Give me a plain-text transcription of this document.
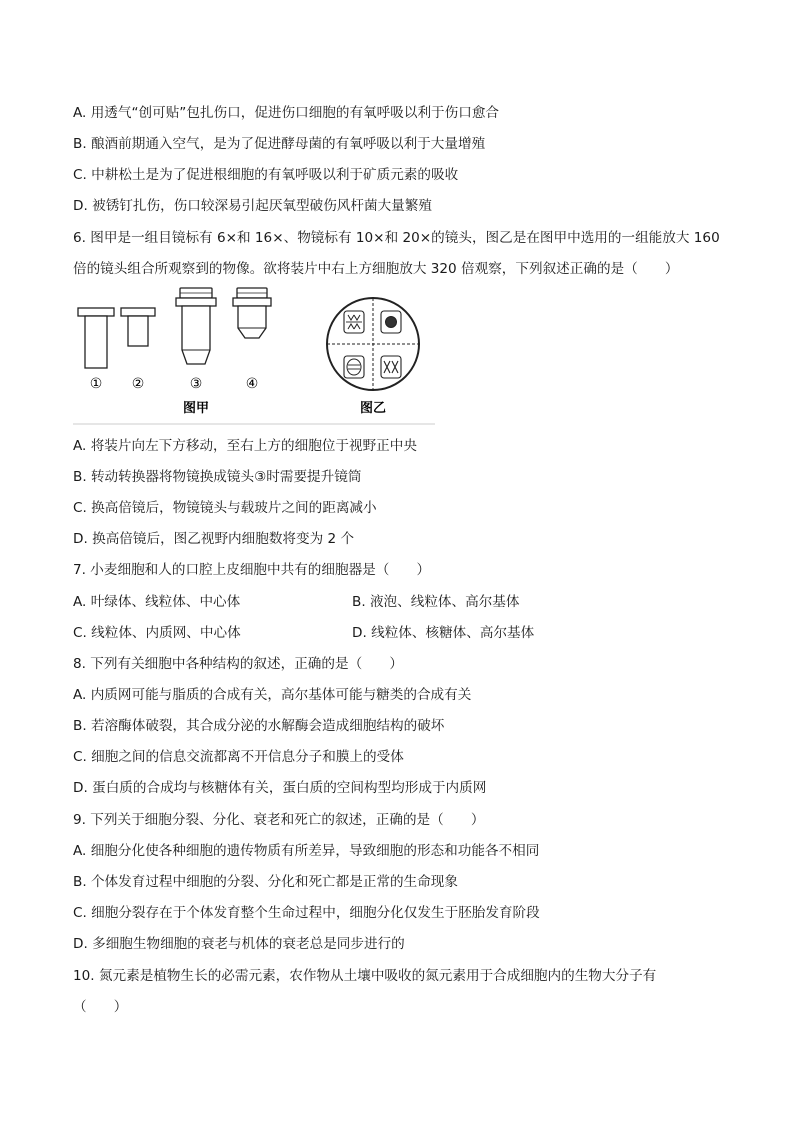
A. 用透气“创可贴”包扎伤口，促进伤口细胞的有氧呼吸以利于伤口愈合
B. 酿酒前期通入空气，是为了促进酵母菌的有氧呼吸以利于大量增殖
C. 中耕松土是为了促进根细胞的有氧呼吸以利于矿质元素的吸收
D. 被锈钉扎伤，伤口较深易引起厌氧型破伤风杆菌大量繁殖
6. 图甲是一组目镜标有 6×和 16×、物镜标有 10×和 20×的镜头，图乙是在图甲中选用的一组能放大 160
倍的镜头组合所观察到的物像。欲将装片中右上方细胞放大 320 倍观察，下列叙述正确的是（　　）
① ②	③	④
图甲	图乙
A. 将装片向左下方移动，至右上方的细胞位于视野正中央
B. 转动转换器将物镜换成镜头③时需要提升镜筒
C. 换高倍镜后，物镜镜头与载玻片之间的距离减小
D. 换高倍镜后，图乙视野内细胞数将变为 2 个
7. 小麦细胞和人的口腔上皮细胞中共有的细胞器是（　　）
A. 叶绿体、线粒体、中心体	B. 液泡、线粒体、高尔基体
C. 线粒体、内质网、中心体	D. 线粒体、核糖体、高尔基体
8. 下列有关细胞中各种结构的叙述，正确的是（　　）
A. 内质网可能与脂质的合成有关，高尔基体可能与糖类的合成有关
B. 若溶酶体破裂，其合成分泌的水解酶会造成细胞结构的破坏
C. 细胞之间的信息交流都离不开信息分子和膜上的受体
D. 蛋白质的合成均与核糖体有关，蛋白质的空间构型均形成于内质网
9. 下列关于细胞分裂、分化、衰老和死亡的叙述，正确的是（　　）
A. 细胞分化使各种细胞的遗传物质有所差异，导致细胞的形态和功能各不相同
B. 个体发育过程中细胞的分裂、分化和死亡都是正常的生命现象
C. 细胞分裂存在于个体发育整个生命过程中，细胞分化仅发生于胚胎发育阶段
D. 多细胞生物细胞的衰老与机体的衰老总是同步进行的
10. 氮元素是植物生长的必需元素，农作物从土壤中吸收的氮元素用于合成细胞内的生物大分子有
（　　）
